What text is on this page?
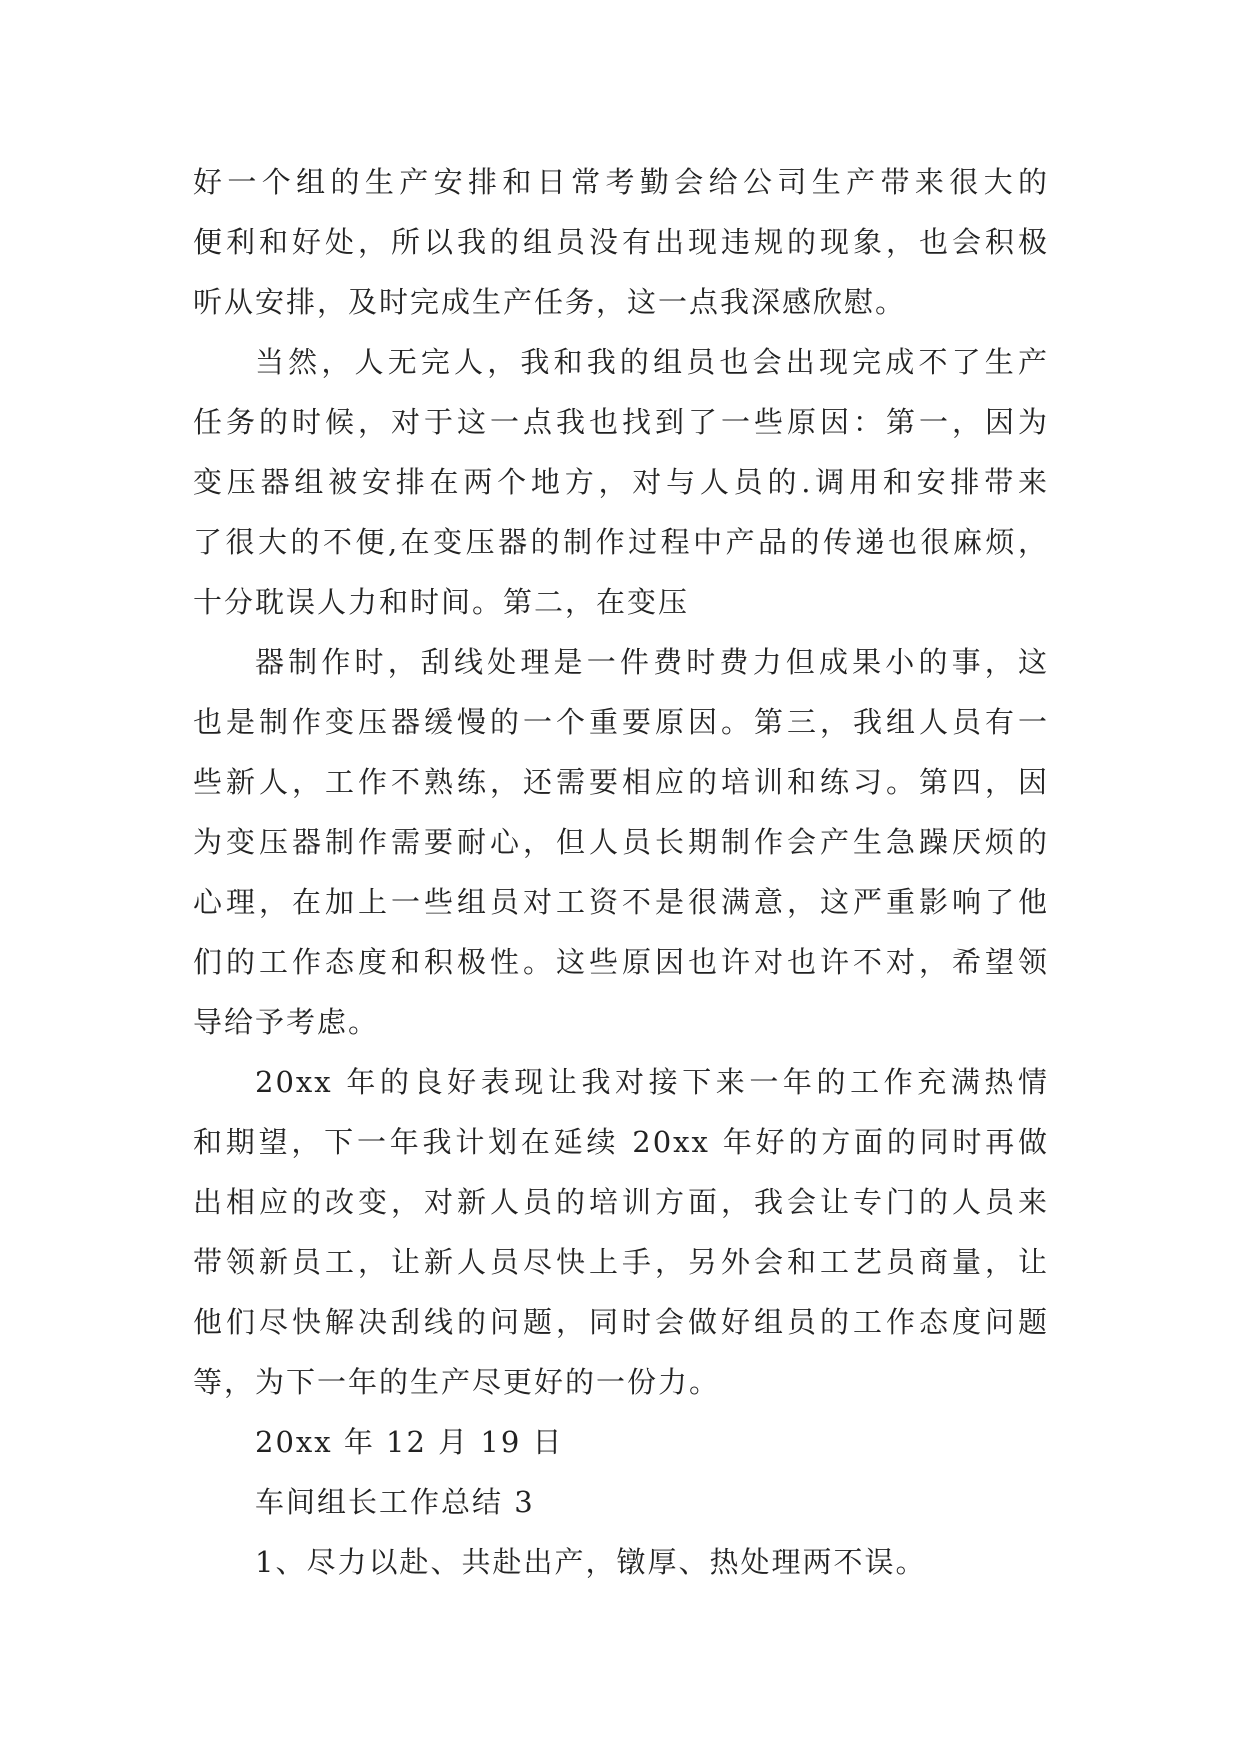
好一个组的生产安排和日常考勤会给公司生产带来很大的
便利和好处，所以我的组员没有出现违规的现象，也会积极
听从安排，及时完成生产任务，这一点我深感欣慰。

当然，人无完人，我和我的组员也会出现完成不了生产
任务的时候，对于这一点我也找到了一些原因：第一，因为
变压器组被安排在两个地方，对与人员的.调用和安排带来
了很大的不便,在变压器的制作过程中产品的传递也很麻烦，
十分耽误人力和时间。第二，在变压

器制作时，刮线处理是一件费时费力但成果小的事，这
也是制作变压器缓慢的一个重要原因。第三，我组人员有一
些新人，工作不熟练，还需要相应的培训和练习。第四，因
为变压器制作需要耐心，但人员长期制作会产生急躁厌烦的
心理，在加上一些组员对工资不是很满意，这严重影响了他
们的工作态度和积极性。这些原因也许对也许不对，希望领
导给予考虑。

20xx 年的良好表现让我对接下来一年的工作充满热情
和期望，下一年我计划在延续 20xx 年好的方面的同时再做
出相应的改变，对新人员的培训方面，我会让专门的人员来
带领新员工，让新人员尽快上手，另外会和工艺员商量，让
他们尽快解决刮线的问题，同时会做好组员的工作态度问题
等，为下一年的生产尽更好的一份力。

20xx 年 12 月 19 日

车间组长工作总结 3

1、尽力以赴、共赴出产，镦厚、热处理两不误。
